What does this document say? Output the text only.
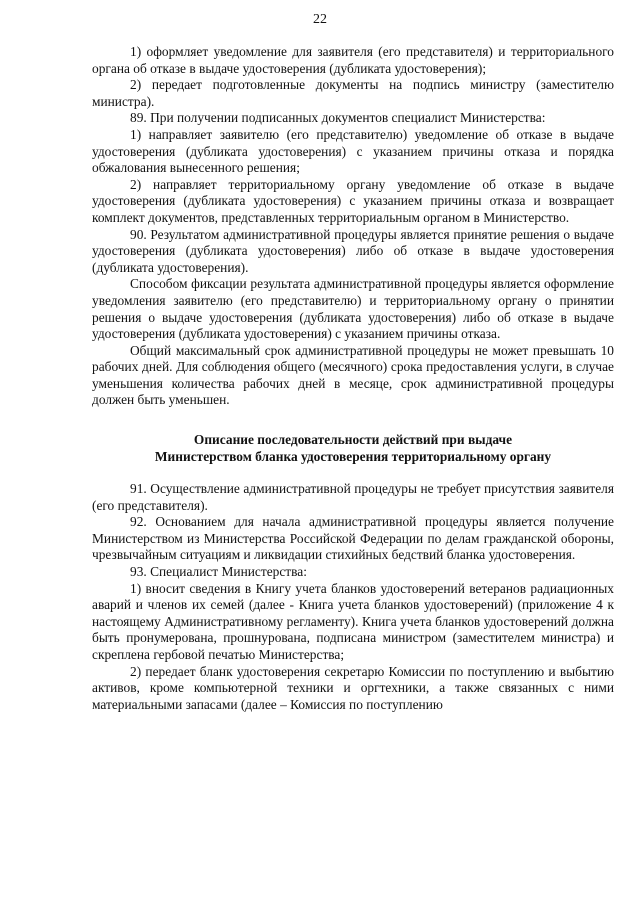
22

1) оформляет уведомление для заявителя (его представителя) и территориального органа об отказе в выдаче удостоверения (дубликата удостоверения);

2) передает подготовленные документы на подпись министру (заместителю министра).

89. При получении подписанных документов специалист Министерства:

1) направляет заявителю (его представителю) уведомление об отказе в выдаче удостоверения (дубликата удостоверения) с указанием причины отказа и порядка обжалования вынесенного решения;

2) направляет территориальному органу уведомление об отказе в выдаче удостоверения (дубликата удостоверения) с указанием причины отказа и возвращает комплект документов, представленных территориальным органом в Министерство.

90. Результатом административной процедуры является принятие решения о выдаче удостоверения (дубликата удостоверения) либо об отказе в выдаче удостоверения (дубликата удостоверения).

Способом фиксации результата административной процедуры является оформление уведомления заявителю (его представителю) и территориальному органу о принятии решения о выдаче удостоверения (дубликата удостоверения) либо об отказе в выдаче удостоверения (дубликата удостоверения) с указанием причины отказа.

Общий максимальный срок административной процедуры не может превышать 10 рабочих дней. Для соблюдения общего (месячного) срока предоставления услуги, в случае уменьшения количества рабочих дней в месяце, срок административной процедуры должен быть уменьшен.

Описание последовательности действий при выдаче
Министерством бланка удостоверения территориальному органу

91. Осуществление административной процедуры не требует присутствия заявителя (его представителя).

92. Основанием для начала административной процедуры является получение Министерством из Министерства Российской Федерации по делам гражданской обороны, чрезвычайным ситуациям и ликвидации стихийных бедствий бланка удостоверения.

93. Специалист Министерства:

1) вносит сведения в Книгу учета бланков удостоверений ветеранов радиационных аварий и членов их семей (далее - Книга учета бланков удостоверений) (приложение 4 к настоящему Административному регламенту). Книга учета бланков удостоверений должна быть пронумерована, прошнурована, подписана министром (заместителем министра) и скреплена гербовой печатью Министерства;

2) передает бланк удостоверения секретарю Комиссии по поступлению и выбытию активов, кроме компьютерной техники и оргтехники, а также связанных с ними материальными запасами (далее – Комиссия по поступлению
